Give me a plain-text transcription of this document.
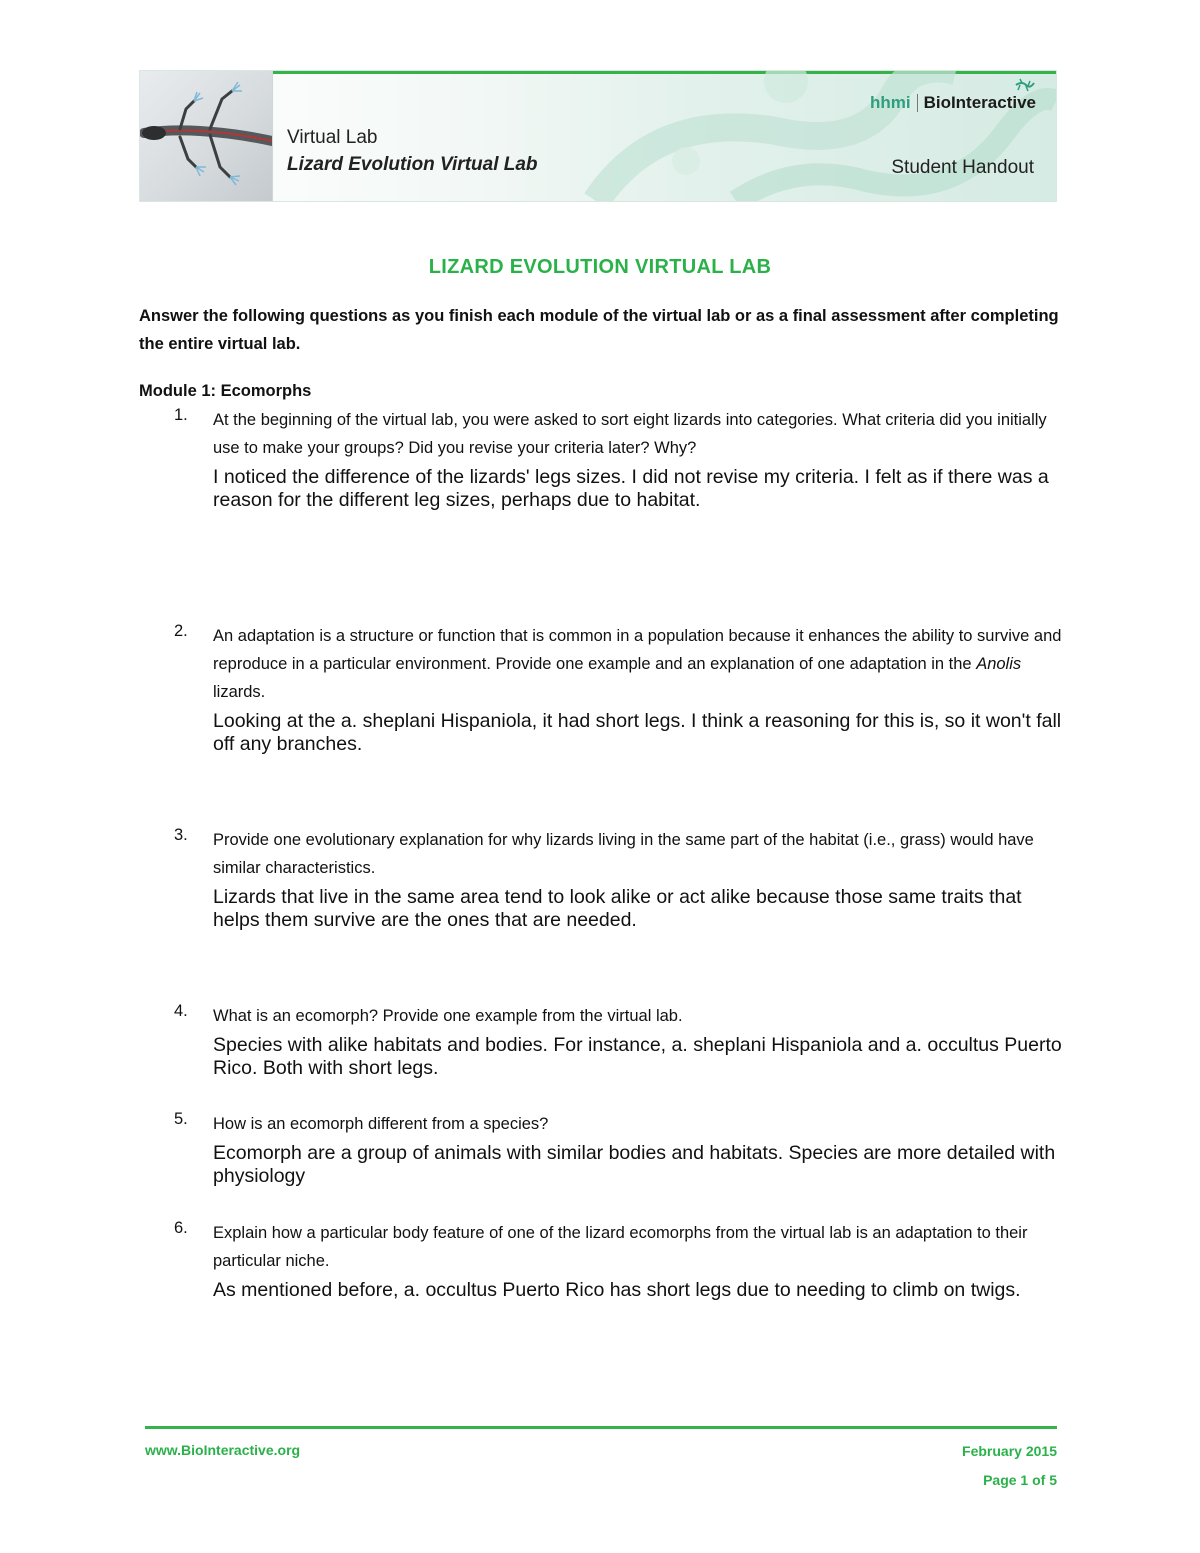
Virtual Lab
Lizard Evolution Virtual Lab
hhmi BioInteractive
Student Handout
LIZARD EVOLUTION VIRTUAL LAB
Answer the following questions as you finish each module of the virtual lab or as a final assessment after completing the entire virtual lab.
Module 1: Ecomorphs
1. At the beginning of the virtual lab, you were asked to sort eight lizards into categories. What criteria did you initially use to make your groups? Did you revise your criteria later? Why?
I noticed the difference of the lizards' legs sizes. I did not revise my criteria. I felt as if there was a reason for the different leg sizes, perhaps due to habitat.
2. An adaptation is a structure or function that is common in a population because it enhances the ability to survive and reproduce in a particular environment. Provide one example and an explanation of one adaptation in the Anolis lizards.
Looking at the a. sheplani Hispaniola, it had short legs. I think a reasoning for this is, so it won't fall off any branches.
3. Provide one evolutionary explanation for why lizards living in the same part of the habitat (i.e., grass) would have similar characteristics.
Lizards that live in the same area tend to look alike or act alike because those same traits that helps them survive are the ones that are needed.
4. What is an ecomorph? Provide one example from the virtual lab.
Species with alike habitats and bodies. For instance, a. sheplani Hispaniola and a. occultus Puerto Rico. Both with short legs.
5. How is an ecomorph different from a species?
Ecomorph are a group of animals with similar bodies and habitats. Species are more detailed with physiology
6. Explain how a particular body feature of one of the lizard ecomorphs from the virtual lab is an adaptation to their particular niche.
As mentioned before, a. occultus Puerto Rico has short legs due to needing to climb on twigs.
www.BioInteractive.org	February 2015
Page 1 of 5
